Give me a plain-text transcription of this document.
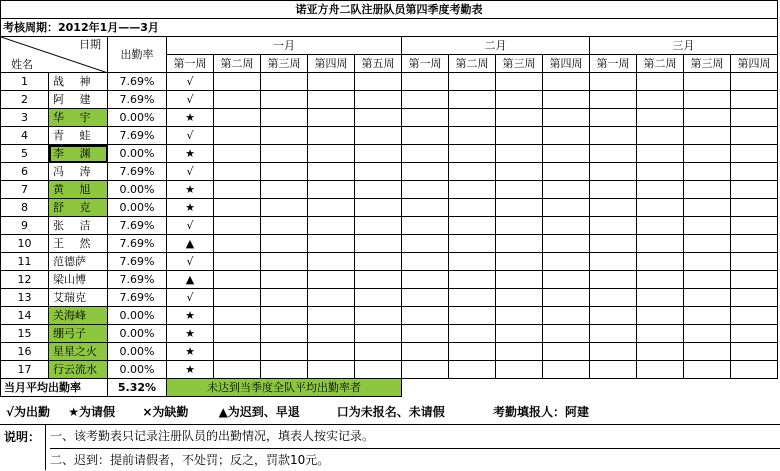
诺亚方舟二队注册队员第四季度考勤表															
考核周期：2012年1月——3月															

日期
姓名		出勤率	一月					二月				三月			
			第一周	第二周	第三周	第四周	第五周	第一周	第二周	第三周	第四周	第一周	第二周	第三周	第四周
1	战 神	7.69%	√												
2	阿 建	7.69%	√												
3	华 宇	0.00%	★												
4	青 蛙	7.69%	√												
5	李 渊	0.00%	★												
6	冯 涛	7.69%	√												
7	黄 旭	0.00%	★												
8	舒 克	0.00%	★												
9	张 洁	7.69%	√												
10	王 然	7.69%	▲												
11	范德萨	7.69%	√												
12	梁山博	7.69%	▲												
13	艾瑞克	7.69%	√												
14	关海峰	0.00%	★												
15	绷弓子	0.00%	★												
16	星星之火	0.00%	★												
17	行云流水	0.00%	★												
当月平均出勤率		5.32%	未达到当季度全队平均出勤率者												
√为出勤 ★为请假 ×为缺勤	▲为迟到、早退	口为未报名、未请假	考勤填报人：阿建
说明： 一、该考勤表只记录注册队员的出勤情况，填表人按实记录。
二、迟到：提前请假者，不处罚；反之，罚款10元。
